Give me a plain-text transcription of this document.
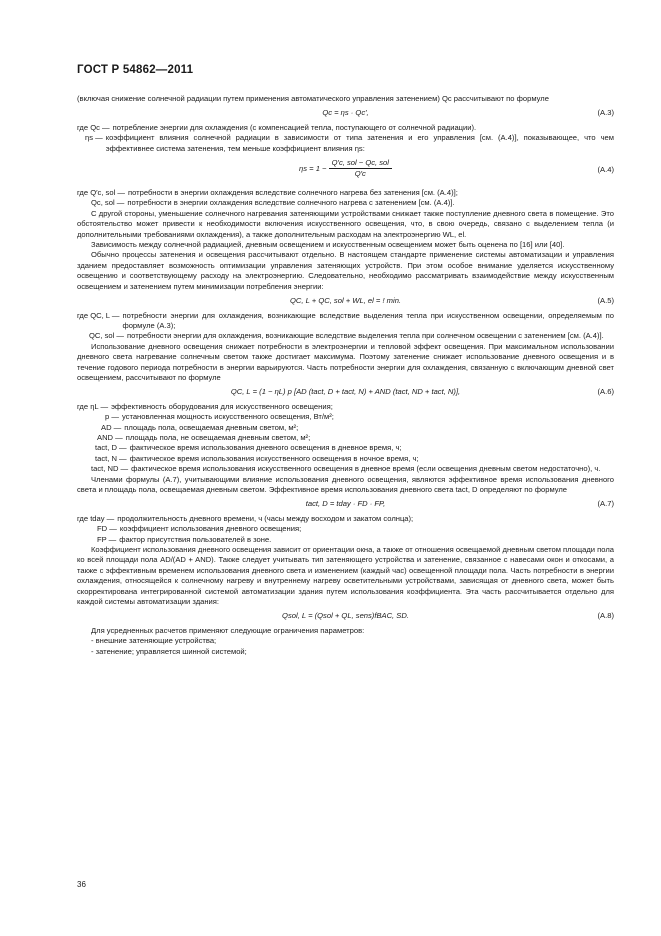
ГОСТ Р 54862—2011

(включая снижение солнечной радиации путем применения автоматического управления затенением) Qc рассчитывают по формуле

Qc = ηs · Qc′,	(A.3)
где Qc — потребление энергии для охлаждения (с компенсацией тепла, поступающего от солнечной радиации).
ηs — коэффициент влияния солнечной радиации в зависимости от типа затенения и его управления [см. (A.4)], показывающее, что чем эффективнее система затенения, тем меньше коэффициент влияния ηs:
$\eta s = 1 - \frac{\text{Q′c, sol − Qc, sol}}{Q'c}$	(A.4)
где Q′c, sol — потребности в энергии охлаждения вследствие солнечного нагрева без затенения [см. (A.4)];
Qc, sol — потребности в энергии охлаждения вследствие солнечного нагрева с затенением [см. (A.4)].

С другой стороны, уменьшение солнечного нагревания затеняющими устройствами снижает также поступление дневного света в помещение. Это обстоятельство может привести к необходимости включения искусственного освещения, что, в свою очередь, связано с выделением тепла (и дополнительными требованиями охлаждения), а также дополнительным расходам на электроэнергию WL, el.

Зависимость между солнечной радиацией, дневным освещением и искусственным освещением может быть оценена по [16] или [40].

Обычно процессы затенения и освещения рассчитывают отдельно. В настоящем стандарте применение системы автоматизации и управления зданием предоставляет возможность оптимизации управления затеняющих устройств. При этом особое внимание уделяется искусственному освещению и соответствующему расходу на электроэнергию. Следовательно, необходимо рассматривать взаимодействие между искусственным освещением и затенением путем минимизации потребления энергии:

QC, L + QC, sol + WL, el = ! min.	(A.5)
где QC, L — потребности энергии для охлаждения, возникающие вследствие выделения тепла при искусственном освещении, определяемым по формуле (A.3);
QC, sol — потребности энергии для охлаждения, возникающие вследствие выделения тепла при солнечном освещении с затенением [см. (A.4)].

Использование дневного освещения снижает потребности в электроэнергии и тепловой эффект освещения. При максимальном использовании дневного света нагревание солнечным светом также достигает максимума. Поэтому затенение снижает использование дневного освещения и в течение годового периода потребности в энергии варьируются. Часть потребности энергии для охлаждения, связанную с включающим дневной свет освещением, рассчитывают по формуле

QC, L = (1 − ηL) p [AD (tact, D + tact, N) + AND (tact, ND + tact, N)],	(A.6)
где ηL — эффективность оборудования для искусственного освещения;
p — установленная мощность искусственного освещения, Вт/м²;
AD — площадь пола, освещаемая дневным светом, м²;
AND — площадь пола, не освещаемая дневным светом, м²;
tact, D — фактическое время использования дневного освещения в дневное время, ч;
tact, N — фактическое время использования искусственного освещения в ночное время, ч;
tact, ND — фактическое время использования искусственного освещения в дневное время (если освещения дневным светом недостаточно), ч.

Членами формулы (A.7), учитывающими влияние использования дневного освещения, являются эффективное время использования дневного света и площадь пола, освещаемая дневным светом. Эффективное время использования дневного света tact, D определяют по формуле

tact, D = tday · FD · FP,	(A.7)
где tday — продолжительность дневного времени, ч (часы между восходом и закатом солнца);
FD — коэффициент использования дневного освещения;
FP — фактор присутствия пользователей в зоне.

Коэффициент использования дневного освещения зависит от ориентации окна, а также от отношения освещаемой дневным светом площади пола ко всей площади пола AD/(AD + AND). Также следует учитывать тип затеняющего устройства и затенение, связанное с навесами окон и откосами, а также с эффективным временем использования дневного света и изменением (каждый час) освещенной площади пола. Часть потребности в энергии охлаждения, относящейся к солнечному нагреву и внутреннему нагреву осветительными устройствами, зависящая от дневного света, может быть скорректирована интегрированной системой автоматизации здания путем использования коэффициента. Эта часть рассчитывается отдельно для каждой системы автоматизации здания:

Qsol, L = (Qsol + QL, sens)fBAC, SD.	(A.8)

Для усредненных расчетов применяют следующие ограничения параметров:

- внешние затеняющие устройства;
- затенение; управляется шинной системой;
36
